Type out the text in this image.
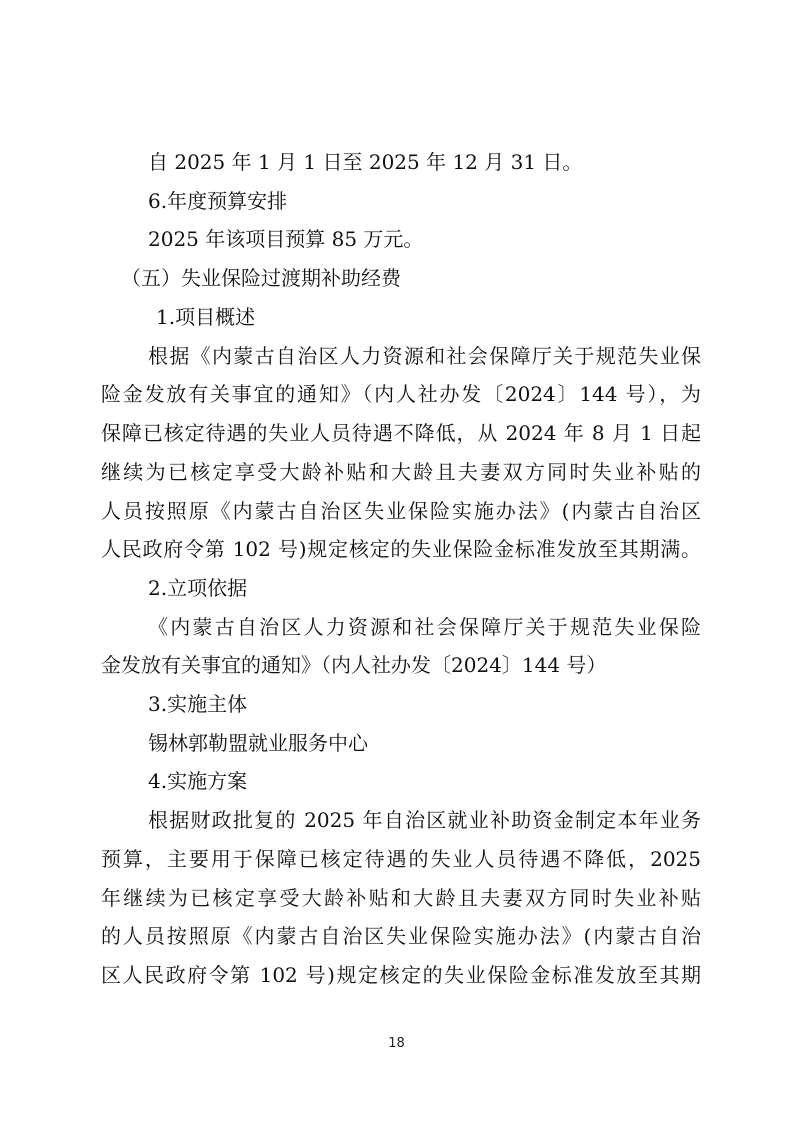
自 2025 年 1 月 1 日至 2025 年 12 月 31 日。
6.年度预算安排
2025 年该项目预算 85 万元。
（五）失业保险过渡期补助经费
1.项目概述
根据《内蒙古自治区人力资源和社会保障厅关于规范失业保
险金发放有关事宜的通知》（内人社办发〔2024〕144 号），为
保障已核定待遇的失业人员待遇不降低，从 2024 年 8 月 1 日起
继续为已核定享受大龄补贴和大龄且夫妻双方同时失业补贴的
人员按照原《内蒙古自治区失业保险实施办法》(内蒙古自治区
人民政府令第 102 号)规定核定的失业保险金标准发放至其期满。
2.立项依据
《内蒙古自治区人力资源和社会保障厅关于规范失业保险
金发放有关事宜的通知》（内人社办发〔2024〕144 号）
3.实施主体
锡林郭勒盟就业服务中心
4.实施方案
根据财政批复的 2025 年自治区就业补助资金制定本年业务
预算，主要用于保障已核定待遇的失业人员待遇不降低，2025
年继续为已核定享受大龄补贴和大龄且夫妻双方同时失业补贴
的人员按照原《内蒙古自治区失业保险实施办法》(内蒙古自治
区人民政府令第 102 号)规定核定的失业保险金标准发放至其期
18
